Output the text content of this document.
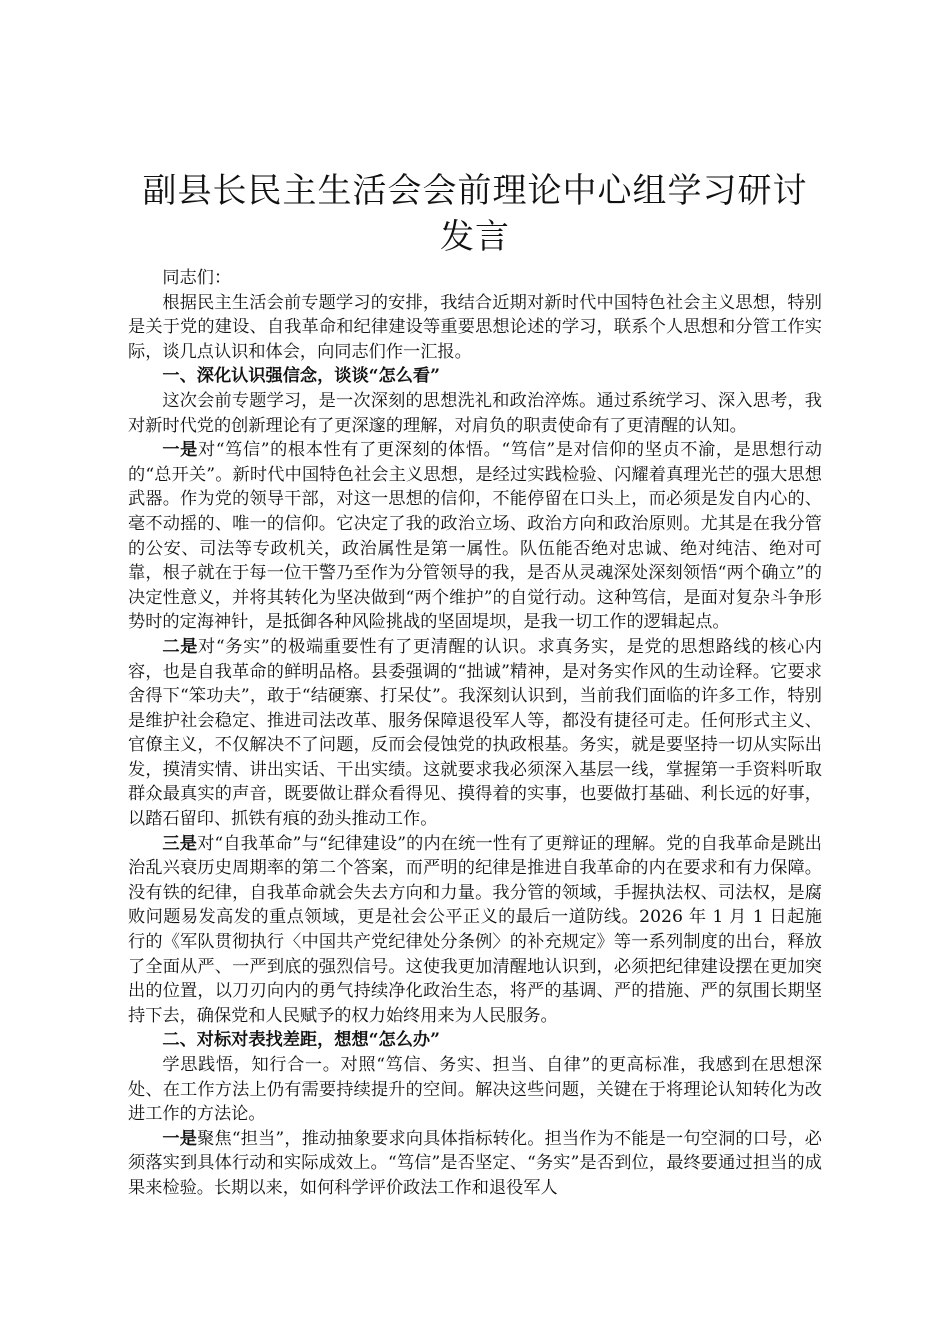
副县长民主生活会会前理论中心组学习研讨发言

同志们：

根据民主生活会前专题学习的安排，我结合近期对新时代中国特色社会主义思想，特别是关于党的建设、自我革命和纪律建设等重要思想论述的学习，联系个人思想和分管工作实际，谈几点认识和体会，向同志们作一汇报。

一、深化认识强信念，谈谈“怎么看”

这次会前专题学习，是一次深刻的思想洗礼和政治淬炼。通过系统学习、深入思考，我对新时代党的创新理论有了更深邃的理解，对肩负的职责使命有了更清醒的认知。

一是对“笃信”的根本性有了更深刻的体悟。“笃信”是对信仰的坚贞不渝，是思想行动的“总开关”。新时代中国特色社会主义思想，是经过实践检验、闪耀着真理光芒的强大思想武器。作为党的领导干部，对这一思想的信仰，不能停留在口头上，而必须是发自内心的、毫不动摇的、唯一的信仰。它决定了我的政治立场、政治方向和政治原则。尤其是在我分管的公安、司法等专政机关，政治属性是第一属性。队伍能否绝对忠诚、绝对纯洁、绝对可靠，根子就在于每一位干警乃至作为分管领导的我，是否从灵魂深处深刻领悟“两个确立”的决定性意义，并将其转化为坚决做到“两个维护”的自觉行动。这种笃信，是面对复杂斗争形势时的定海神针，是抵御各种风险挑战的坚固堤坝，是我一切工作的逻辑起点。

二是对“务实”的极端重要性有了更清醒的认识。求真务实，是党的思想路线的核心内容，也是自我革命的鲜明品格。县委强调的“拙诚”精神，是对务实作风的生动诠释。它要求舍得下“笨功夫”，敢于“结硬寨、打呆仗”。我深刻认识到，当前我们面临的许多工作，特别是维护社会稳定、推进司法改革、服务保障退役军人等，都没有捷径可走。任何形式主义、官僚主义，不仅解决不了问题，反而会侵蚀党的执政根基。务实，就是要坚持一切从实际出发，摸清实情、讲出实话、干出实绩。这就要求我必须深入基层一线，掌握第一手资料听取群众最真实的声音，既要做让群众看得见、摸得着的实事，也要做打基础、利长远的好事，以踏石留印、抓铁有痕的劲头推动工作。

三是对“自我革命”与“纪律建设”的内在统一性有了更辩证的理解。党的自我革命是跳出治乱兴衰历史周期率的第二个答案，而严明的纪律是推进自我革命的内在要求和有力保障。没有铁的纪律，自我革命就会失去方向和力量。我分管的领域，手握执法权、司法权，是腐败问题易发高发的重点领域，更是社会公平正义的最后一道防线。2026 年 1 月 1 日起施行的《军队贯彻执行〈中国共产党纪律处分条例〉的补充规定》等一系列制度的出台，释放了全面从严、一严到底的强烈信号。这使我更加清醒地认识到，必须把纪律建设摆在更加突出的位置，以刀刃向内的勇气持续净化政治生态，将严的基调、严的措施、严的氛围长期坚持下去，确保党和人民赋予的权力始终用来为人民服务。

二、对标对表找差距，想想“怎么办”

学思践悟，知行合一。对照“笃信、务实、担当、自律”的更高标准，我感到在思想深处、在工作方法上仍有需要持续提升的空间。解决这些问题，关键在于将理论认知转化为改进工作的方法论。

一是聚焦“担当”，推动抽象要求向具体指标转化。担当作为不能是一句空洞的口号，必须落实到具体行动和实际成效上。“笃信”是否坚定、“务实”是否到位，最终要通过担当的成果来检验。长期以来，如何科学评价政法工作和退役军人
